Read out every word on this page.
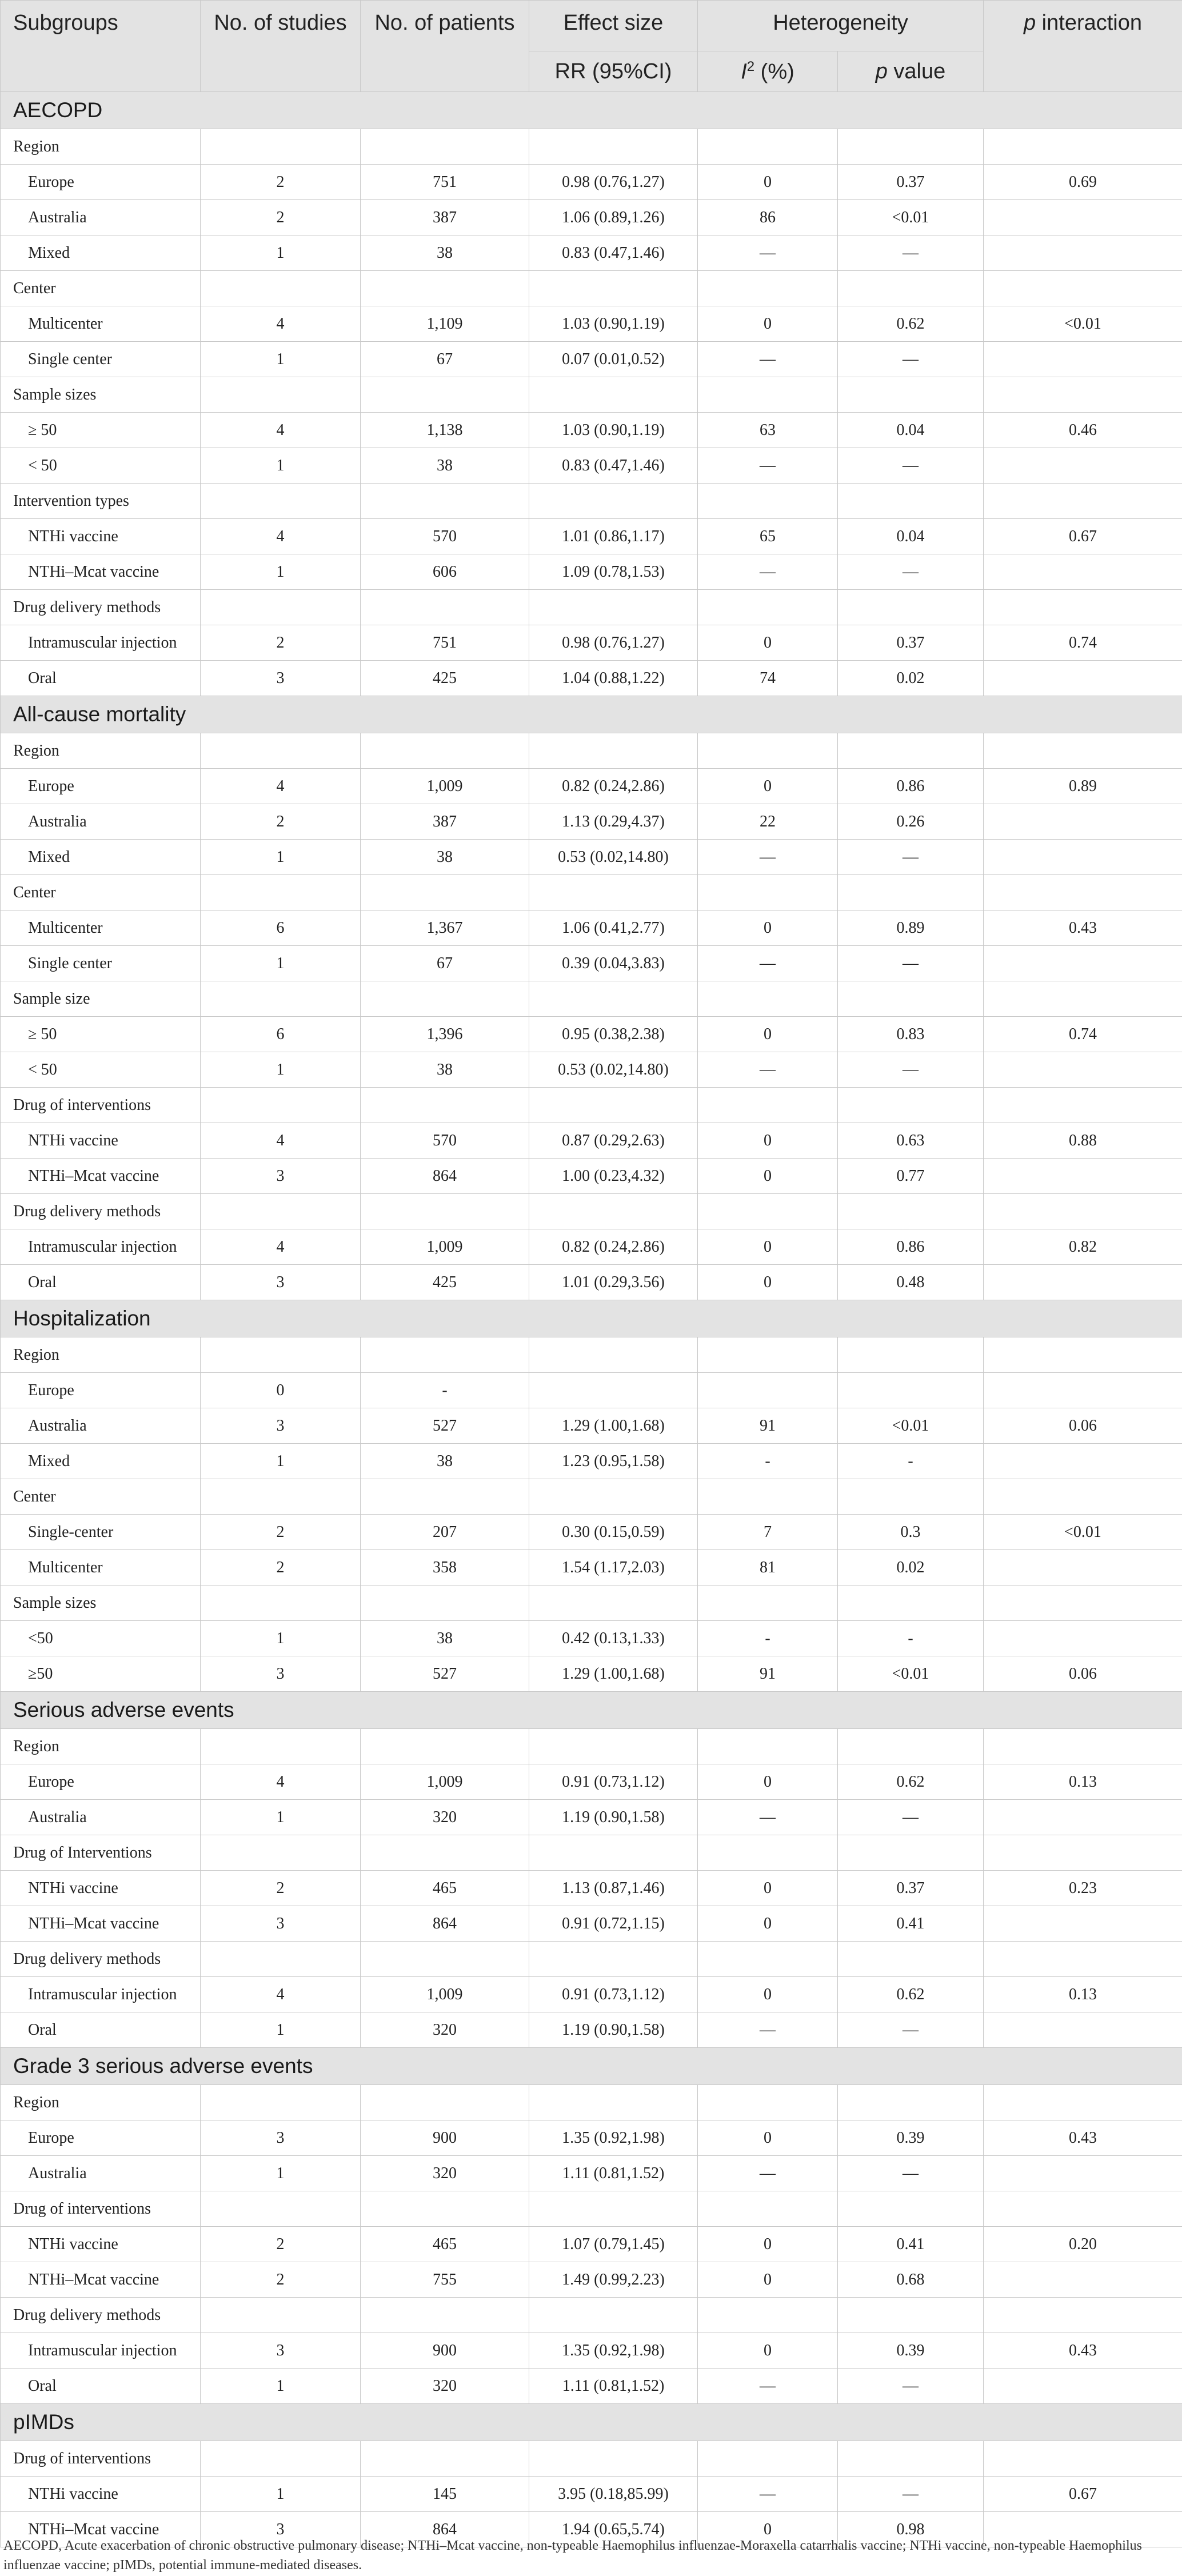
Subgroups	No. of studies	No. of patients	Effect size	Heterogeneity		p interaction
			RR (95%CI)	$I^2$ (%)	p value	
AECOPD						
Region						
Europe	2	751	0.98 (0.76,1.27)	0	0.37	0.69
Australia	2	387	1.06 (0.89,1.26)	86	<0.01	
Mixed	1	38	0.83 (0.47,1.46)	—	—	
Center						
Multicenter	4	1,109	1.03 (0.90,1.19)	0	0.62	<0.01
Single center	1	67	0.07 (0.01,0.52)	—	—	
Sample sizes						
≥ 50	4	1,138	1.03 (0.90,1.19)	63	0.04	0.46
< 50	1	38	0.83 (0.47,1.46)	—	—	
Intervention types						
NTHi vaccine	4	570	1.01 (0.86,1.17)	65	0.04	0.67
NTHi–Mcat vaccine	1	606	1.09 (0.78,1.53)	—	—	
Drug delivery methods						
Intramuscular injection	2	751	0.98 (0.76,1.27)	0	0.37	0.74
Oral	3	425	1.04 (0.88,1.22)	74	0.02	
All-cause mortality						
Region						
Europe	4	1,009	0.82 (0.24,2.86)	0	0.86	0.89
Australia	2	387	1.13 (0.29,4.37)	22	0.26	
Mixed	1	38	0.53 (0.02,14.80)	—	—	
Center						
Multicenter	6	1,367	1.06 (0.41,2.77)	0	0.89	0.43
Single center	1	67	0.39 (0.04,3.83)	—	—	
Sample size						
≥ 50	6	1,396	0.95 (0.38,2.38)	0	0.83	0.74
< 50	1	38	0.53 (0.02,14.80)	—	—	
Drug of interventions						
NTHi vaccine	4	570	0.87 (0.29,2.63)	0	0.63	0.88
NTHi–Mcat vaccine	3	864	1.00 (0.23,4.32)	0	0.77	
Drug delivery methods						
Intramuscular injection	4	1,009	0.82 (0.24,2.86)	0	0.86	0.82
Oral	3	425	1.01 (0.29,3.56)	0	0.48	
Hospitalization						
Region						
Europe	0	-				
Australia	3	527	1.29 (1.00,1.68)	91	<0.01	0.06
Mixed	1	38	1.23 (0.95,1.58)	-	-	
Center						
Single-center	2	207	0.30 (0.15,0.59)	7	0.3	<0.01
Multicenter	2	358	1.54 (1.17,2.03)	81	0.02	
Sample sizes						
<50	1	38	0.42 (0.13,1.33)	-	-	
≥50	3	527	1.29 (1.00,1.68)	91	<0.01	0.06
Serious adverse events						
Region						
Europe	4	1,009	0.91 (0.73,1.12)	0	0.62	0.13
Australia	1	320	1.19 (0.90,1.58)	—	—	
Drug of Interventions						
NTHi vaccine	2	465	1.13 (0.87,1.46)	0	0.37	0.23
NTHi–Mcat vaccine	3	864	0.91 (0.72,1.15)	0	0.41	
Drug delivery methods						
Intramuscular injection	4	1,009	0.91 (0.73,1.12)	0	0.62	0.13
Oral	1	320	1.19 (0.90,1.58)	—	—	
Grade 3 serious adverse events						
Region						
Europe	3	900	1.35 (0.92,1.98)	0	0.39	0.43
Australia	1	320	1.11 (0.81,1.52)	—	—	
Drug of interventions						
NTHi vaccine	2	465	1.07 (0.79,1.45)	0	0.41	0.20
NTHi–Mcat vaccine	2	755	1.49 (0.99,2.23)	0	0.68	
Drug delivery methods						
Intramuscular injection	3	900	1.35 (0.92,1.98)	0	0.39	0.43
Oral	1	320	1.11 (0.81,1.52)	—	—	
pIMDs						
Drug of interventions						
NTHi vaccine	1	145	3.95 (0.18,85.99)	—	—	0.67
NTHi–Mcat vaccine	3	864	1.94 (0.65,5.74)	0	0.98	
AECOPD, Acute exacerbation of chronic obstructive pulmonary disease; NTHi–Mcat vaccine, non-typeable Haemophilus influenzae-Moraxella catarrhalis vaccine; NTHi vaccine, non-typeable Haemophilus influenzae vaccine; pIMDs, potential immune-mediated diseases.
